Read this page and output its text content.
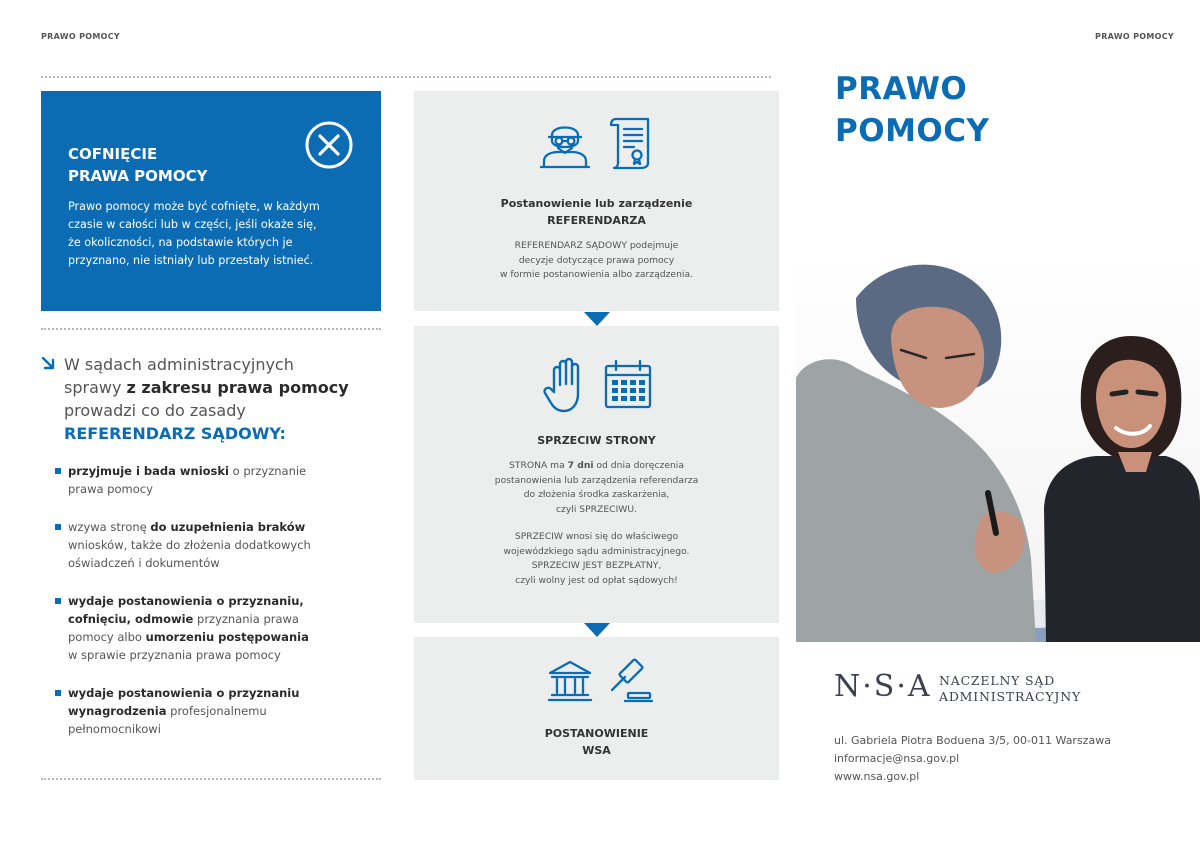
PRAWO POMOCY	PRAWO POMOCY
COFNIĘCIE
PRAWA POMOCY
Prawo pomocy może być cofnięte, w każdym
czasie w całości lub w części, jeśli okaże się,
że okoliczności, na podstawie których je
przyznano, nie istniały lub przestały istnieć.
W sądach administracyjnych
sprawy z zakresu prawa pomocy
prowadzi co do zasady
REFERENDARZ SĄDOWY:
przyjmuje i bada wnioski o przyznanie
prawa pomocy
wzywa stronę do uzupełnienia braków
wniosków, także do złożenia dodatkowych
oświadczeń i dokumentów
wydaje postanowienia o przyznaniu,
cofnięciu, odmowie przyznania prawa
pomocy albo umorzeniu postępowania
w sprawie przyznania prawa pomocy
wydaje postanowienia o przyznaniu
wynagrodzenia profesjonalnemu
pełnomocnikowi
Postanowienie lub zarządzenie
REFERENDARZA
REFERENDARZ SĄDOWY podejmuje
decyzje dotyczące prawa pomocy
w formie postanowienia albo zarządzenia.
SPRZECIW STRONY
STRONA ma 7 dni od dnia doręczenia
postanowienia lub zarządzenia referendarza
do złożenia środka zaskarżenia,
czyli SPRZECIWU.
SPRZECIW wnosi się do właściwego
wojewódzkiego sądu administracyjnego.
SPRZECIW JEST BEZPŁATNY,
czyli wolny jest od opłat sądowych!
POSTANOWIENIE
WSA
PRAWO
POMOCY
N·S·A NACZELNY SĄD
ADMINISTRACYJNY
ul. Gabriela Piotra Boduena 3/5, 00-011 Warszawa
informacje@nsa.gov.pl
www.nsa.gov.pl
